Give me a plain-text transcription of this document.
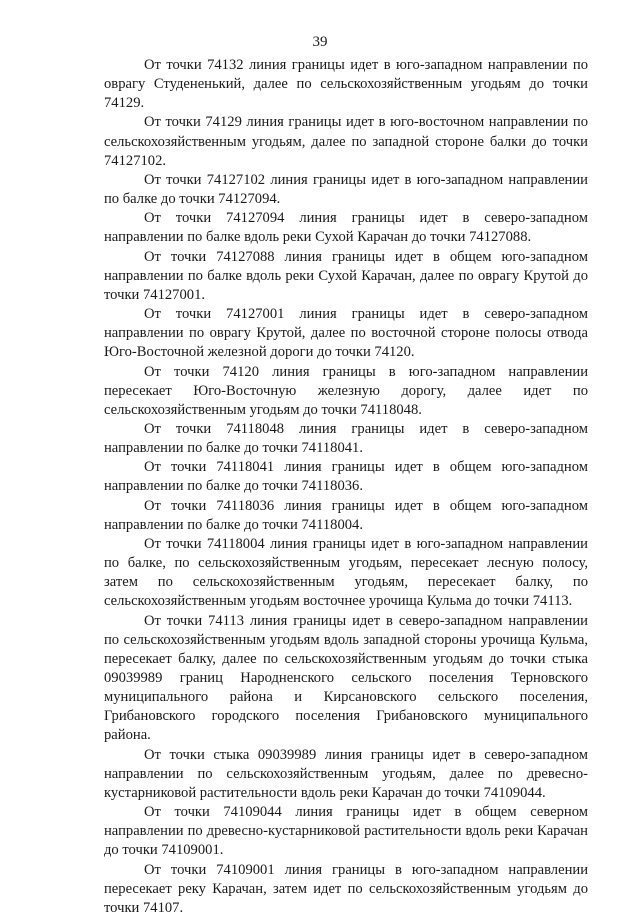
39

От точки 74132 линия границы идет в юго-западном направлении по оврагу Студененький, далее по сельскохозяйственным угодьям до точки 74129.

От точки 74129 линия границы идет в юго-восточном направлении по сельскохозяйственным угодьям, далее по западной стороне балки до точки 74127102.

От точки 74127102 линия границы идет в юго-западном направлении по балке до точки 74127094.

От точки 74127094 линия границы идет в северо-западном направлении по балке вдоль реки Сухой Карачан до точки 74127088.

От точки 74127088 линия границы идет в общем юго-западном направлении по балке вдоль реки Сухой Карачан, далее по оврагу Крутой до точки 74127001.

От точки 74127001 линия границы идет в северо-западном направлении по оврагу Крутой, далее по восточной стороне полосы отвода Юго-Восточной железной дороги до точки 74120.

От точки 74120 линия границы в юго-западном направлении пересекает Юго-Восточную железную дорогу, далее идет по сельскохозяйственным угодьям до точки 74118048.

От точки 74118048 линия границы идет в северо-западном направлении по балке до точки 74118041.

От точки 74118041 линия границы идет в общем юго-западном направлении по балке до точки 74118036.

От точки 74118036 линия границы идет в общем юго-западном направлении по балке до точки 74118004.

От точки 74118004 линия границы идет в юго-западном направлении по балке, по сельскохозяйственным угодьям, пересекает лесную полосу, затем по сельскохозяйственным угодьям, пересекает балку, по сельскохозяйственным угодьям восточнее урочища Кульма до точки 74113.

От точки 74113 линия границы идет в северо-западном направлении по сельскохозяйственным угодьям вдоль западной стороны урочища Кульма, пересекает балку, далее по сельскохозяйственным угодьям до точки стыка 09039989 границ Народненского сельского поселения Терновского муниципального района и Кирсановского сельского поселения, Грибановского городского поселения Грибановского муниципального района.

От точки стыка 09039989 линия границы идет в северо-западном направлении по сельскохозяйственным угодьям, далее по древесно-кустарниковой растительности вдоль реки Карачан до точки 74109044.

От точки 74109044 линия границы идет в общем северном направлении по древесно-кустарниковой растительности вдоль реки Карачан до точки 74109001.

От точки 74109001 линия границы в юго-западном направлении пересекает реку Карачан, затем идет по сельскохозяйственным угодьям до точки 74107.
